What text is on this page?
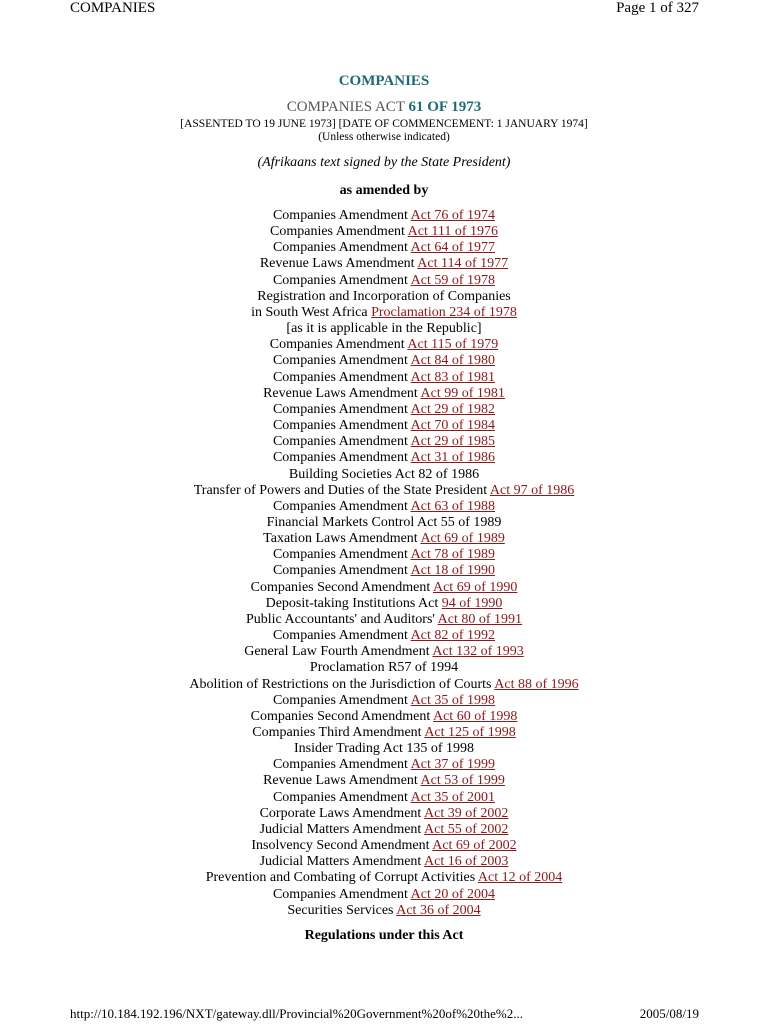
COMPANIES	Page 1 of 327
COMPANIES
COMPANIES ACT 61 OF 1973
[ASSENTED TO 19 JUNE 1973] [DATE OF COMMENCEMENT: 1 JANUARY 1974]
(Unless otherwise indicated)
(Afrikaans text signed by the State President)
as amended by
Companies Amendment Act 76 of 1974
Companies Amendment Act 111 of 1976
Companies Amendment Act 64 of 1977
Revenue Laws Amendment Act 114 of 1977
Companies Amendment Act 59 of 1978
Registration and Incorporation of Companies
in South West Africa Proclamation 234 of 1978
[as it is applicable in the Republic]
Companies Amendment Act 115 of 1979
Companies Amendment Act 84 of 1980
Companies Amendment Act 83 of 1981
Revenue Laws Amendment Act 99 of 1981
Companies Amendment Act 29 of 1982
Companies Amendment Act 70 of 1984
Companies Amendment Act 29 of 1985
Companies Amendment Act 31 of 1986
Building Societies Act 82 of 1986
Transfer of Powers and Duties of the State President Act 97 of 1986
Companies Amendment Act 63 of 1988
Financial Markets Control Act 55 of 1989
Taxation Laws Amendment Act 69 of 1989
Companies Amendment Act 78 of 1989
Companies Amendment Act 18 of 1990
Companies Second Amendment Act 69 of 1990
Deposit-taking Institutions Act 94 of 1990
Public Accountants' and Auditors' Act 80 of 1991
Companies Amendment Act 82 of 1992
General Law Fourth Amendment Act 132 of 1993
Proclamation R57 of 1994
Abolition of Restrictions on the Jurisdiction of Courts Act 88 of 1996
Companies Amendment Act 35 of 1998
Companies Second Amendment Act 60 of 1998
Companies Third Amendment Act 125 of 1998
Insider Trading Act 135 of 1998
Companies Amendment Act 37 of 1999
Revenue Laws Amendment Act 53 of 1999
Companies Amendment Act 35 of 2001
Corporate Laws Amendment Act 39 of 2002
Judicial Matters Amendment Act 55 of 2002
Insolvency Second Amendment Act 69 of 2002
Judicial Matters Amendment Act 16 of 2003
Prevention and Combating of Corrupt Activities Act 12 of 2004
Companies Amendment Act 20 of 2004
Securities Services Act 36 of 2004
Regulations under this Act
http://10.184.192.196/NXT/gateway.dll/Provincial%20Government%20of%20the%2...	2005/08/19
